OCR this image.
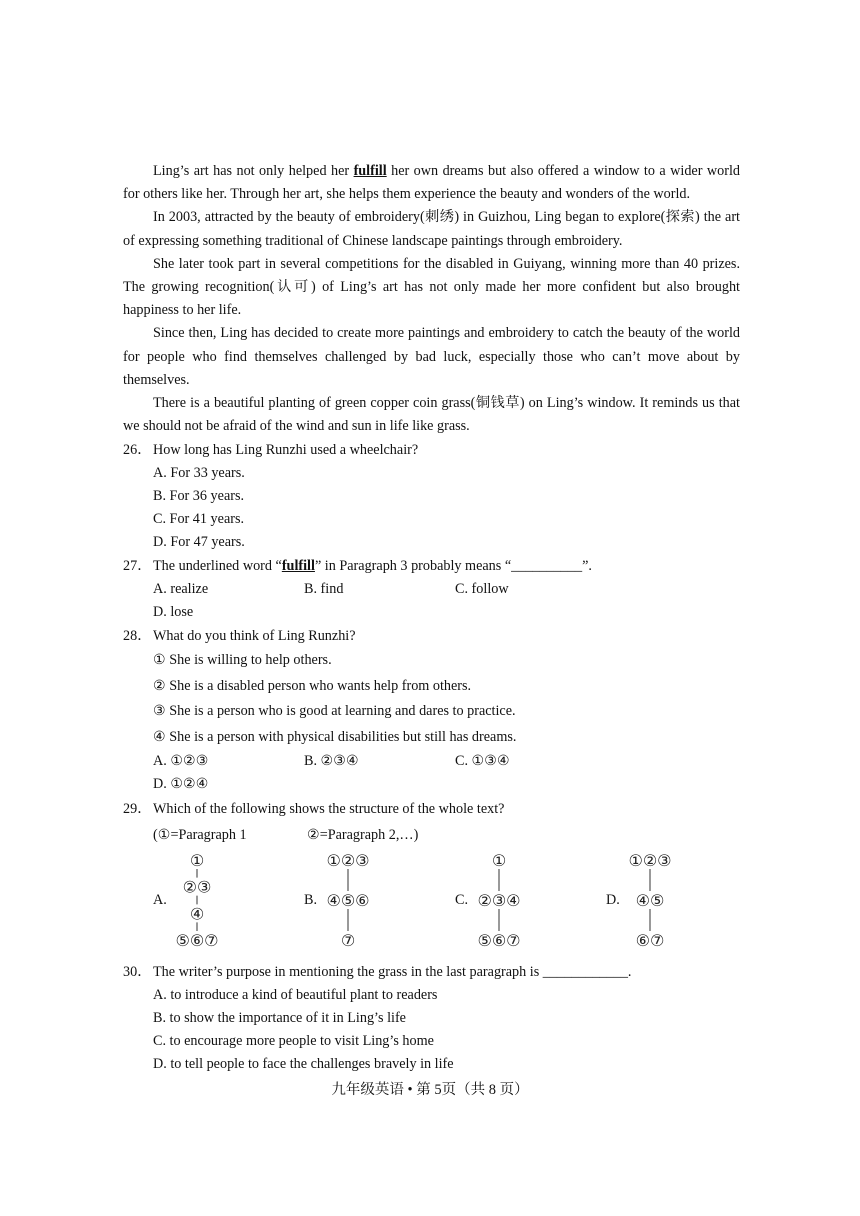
Ling’s art has not only helped her fulfill her own dreams but also offered a window to a wider world for others like her. Through her art, she helps them experience the beauty and wonders of the world.

In 2003, attracted by the beauty of embroidery(刺绣) in Guizhou, Ling began to explore(探索) the art of expressing something traditional of Chinese landscape paintings through embroidery.

She later took part in several competitions for the disabled in Guiyang, winning more than 40 prizes. The growing recognition(认可) of Ling’s art has not only made her more confident but also brought happiness to her life.

Since then, Ling has decided to create more paintings and embroidery to catch the beauty of the world for people who find themselves challenged by bad luck, especially those who can’t move about by themselves.

There is a beautiful planting of green copper coin grass(铜钱草) on Ling’s window. It reminds us that we should not be afraid of the wind and sun in life like grass.

26． How long has Ling Runzhi used a wheelchair?

A. For 33 years.
B. For 36 years.
C. For 41 years.
D. For 47 years.

27． The underlined word “fulfill” in Paragraph 3 probably means “__________”.

A. realize	B. find	C. follow
D. lose

28． What do you think of Ling Runzhi?

① She is willing to help others.
② She is a disabled person who wants help from others.
③ She is a person who is good at learning and dares to practice.
④ She is a person with physical disabilities but still has dreams.
A. ①②③	B. ②③④	C. ①③④
D. ①②④

29． Which of the following shows the structure of the whole text?

(①=Paragraph 1	②=Paragraph 2,…)
A.
①
②③
④
⑤⑥⑦
B.
①②③
④⑤⑥
⑦
C.
①
②③④
⑤⑥⑦
D.
①②③
④⑤
⑥⑦

30． The writer’s purpose in mentioning the grass in the last paragraph is ____________.

A. to introduce a kind of beautiful plant to readers
B. to show the importance of it in Ling’s life
C. to encourage more people to visit Ling’s home
D. to tell people to face the challenges bravely in life
九年级英语 • 第 5页（共 8 页）
